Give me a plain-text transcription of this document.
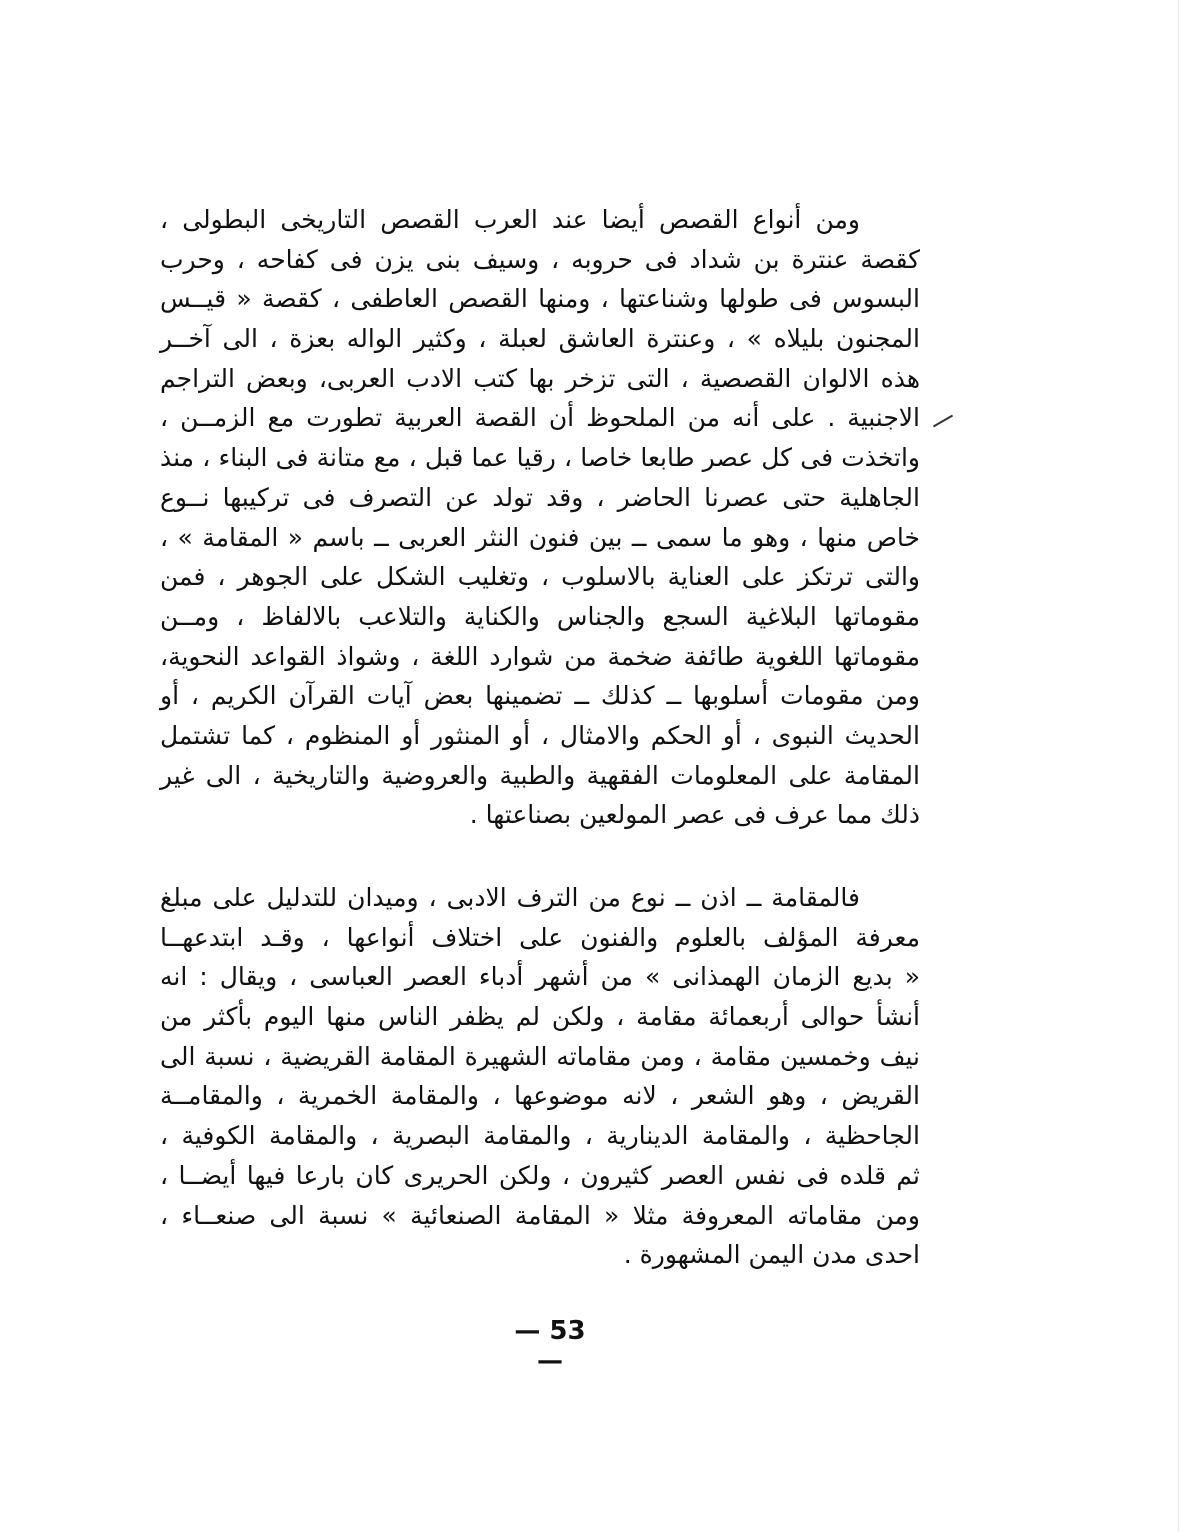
ومن أنواع القصص أيضا عند العرب القصص التاريخى البطولى ،
كقصة عنترة بن شداد فى حروبه ، وسيف بنى يزن فى كفاحه ، وحرب
البسوس فى طولها وشناعتها ، ومنها القصص العاطفى ، كقصة « قيــس
المجنون بليلاه » ، وعنترة العاشق لعبلة ، وكثير الواله بعزة ، الى آخــر
هذه الالوان القصصية ، التى تزخر بها كتب الادب العربى، وبعض التراجم
الاجنبية . على أنه من الملحوظ أن القصة العربية تطورت مع الزمــن ،
واتخذت فى كل عصر طابعا خاصا ، رقيا عما قبل ، مع متانة فى البناء ، منذ
الجاهلية حتى عصرنا الحاضر ، وقد تولد عن التصرف فى تركيبها نــوع
خاص منها ، وهو ما سمى ــ بين فنون النثر العربى ــ باسم « المقامة » ،
والتى ترتكز على العناية بالاسلوب ، وتغليب الشكل على الجوهر ، فمن
مقوماتها البلاغية السجع والجناس والكناية والتلاعب بالالفاظ ، ومــن
مقوماتها اللغوية طائفة ضخمة من شوارد اللغة ، وشواذ القواعد النحوية،
ومن مقومات أسلوبها ــ كذلك ــ تضمينها بعض آيات القرآن الكريم ، أو
الحديث النبوى ، أو الحكم والامثال ، أو المنثور أو المنظوم ، كما تشتمل
المقامة على المعلومات الفقهية والطبية والعروضية والتاريخية ، الى غير
ذلك مما عرف فى عصر المولعين بصناعتها .
فالمقامة ــ اذن ــ نوع من الترف الادبى ، وميدان للتدليل على مبلغ
معرفة المؤلف بالعلوم والفنون على اختلاف أنواعها ، وقـد ابتدعهــا
« بديع الزمان الهمذانى » من أشهر أدباء العصر العباسى ، ويقال : انه
أنشأ حوالى أربعمائة مقامة ، ولكن لم يظفر الناس منها اليوم بأكثر من
نيف وخمسين مقامة ، ومن مقاماته الشهيرة المقامة القريضية ، نسبة الى
القريض ، وهو الشعر ، لانه موضوعها ، والمقامة الخمرية ، والمقامــة
الجاحظية ، والمقامة الدينارية ، والمقامة البصرية ، والمقامة الكوفية ،
ثم قلده فى نفس العصر كثيرون ، ولكن الحريرى كان بارعا فيها أيضــا ،
ومن مقاماته المعروفة مثلا « المقامة الصنعائية » نسبة الى صنعــاء ،
احدى مدن اليمن المشهورة .
— 53 —
